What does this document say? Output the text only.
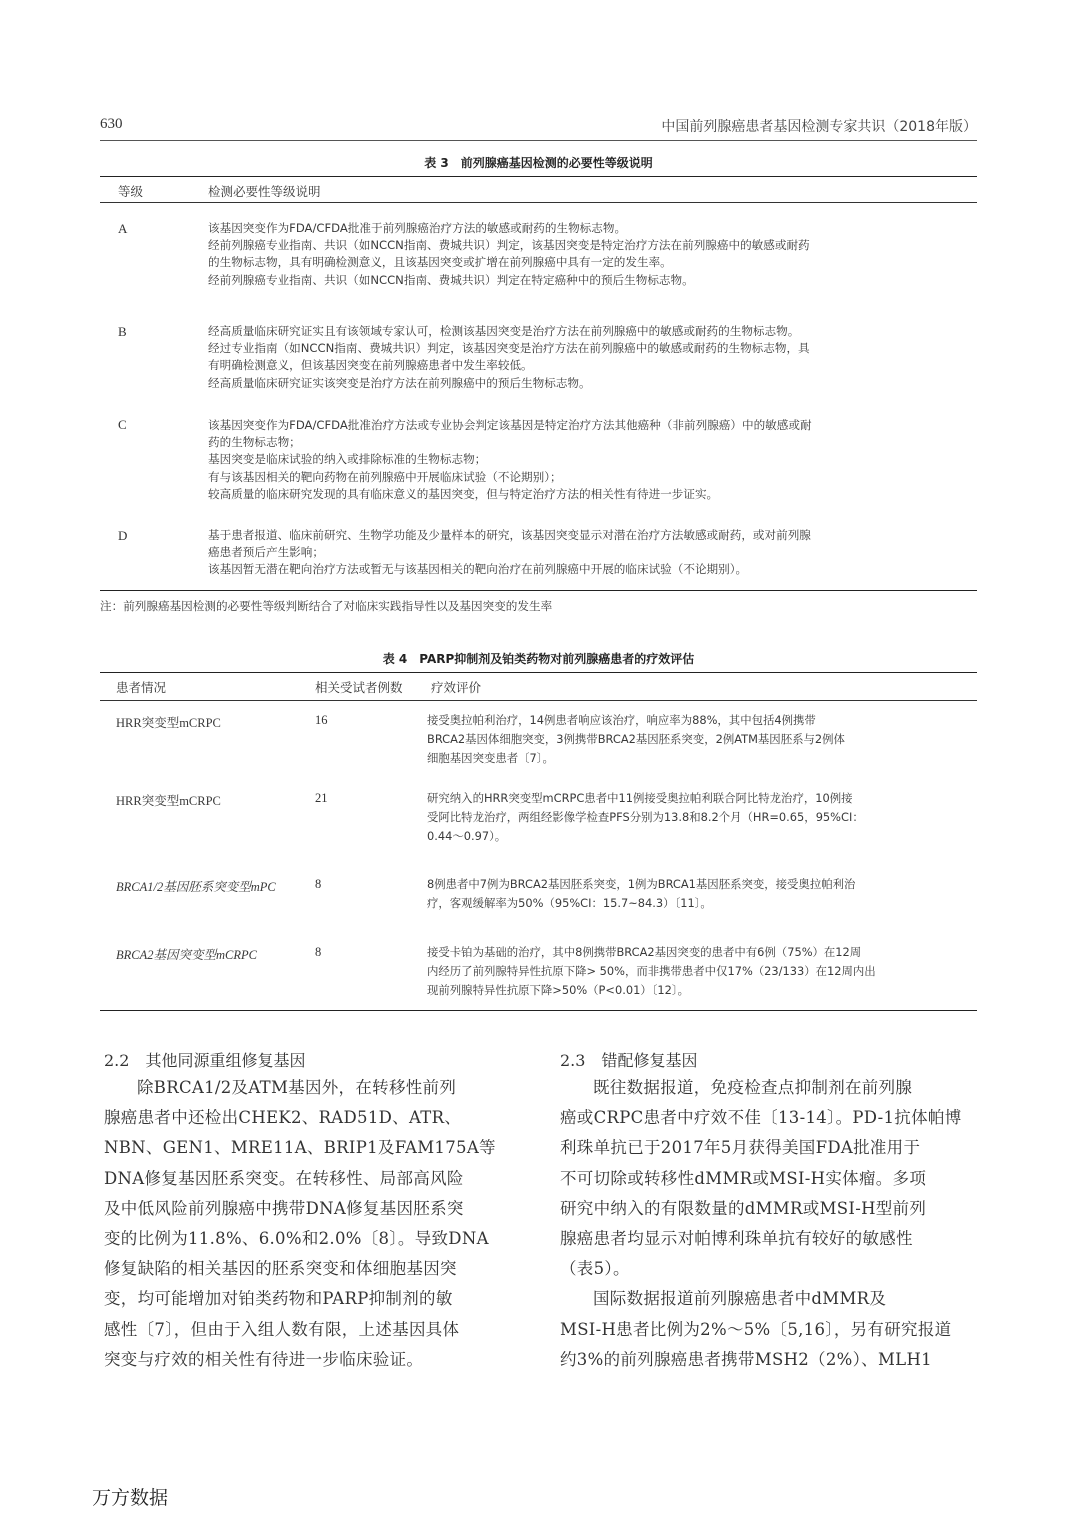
630	中国前列腺癌患者基因检测专家共识（2018年版）
表 3　前列腺癌基因检测的必要性等级说明
等级	检测必要性等级说明
A	该基因突变作为FDA/CFDA批准于前列腺癌治疗方法的敏感或耐药的生物标志物。
经前列腺癌专业指南、共识（如NCCN指南、费城共识）判定，该基因突变是特定治疗方法在前列腺癌中的敏感或耐药
的生物标志物，具有明确检测意义，且该基因突变或扩增在前列腺癌中具有一定的发生率。
经前列腺癌专业指南、共识（如NCCN指南、费城共识）判定在特定癌种中的预后生物标志物。
B	经高质量临床研究证实且有该领域专家认可，检测该基因突变是治疗方法在前列腺癌中的敏感或耐药的生物标志物。
经过专业指南（如NCCN指南、费城共识）判定，该基因突变是治疗方法在前列腺癌中的敏感或耐药的生物标志物，具
有明确检测意义，但该基因突变在前列腺癌患者中发生率较低。
经高质量临床研究证实该突变是治疗方法在前列腺癌中的预后生物标志物。
C	该基因突变作为FDA/CFDA批准治疗方法或专业协会判定该基因是特定治疗方法其他癌种（非前列腺癌）中的敏感或耐
药的生物标志物；
基因突变是临床试验的纳入或排除标准的生物标志物；
有与该基因相关的靶向药物在前列腺癌中开展临床试验（不论期别）；
较高质量的临床研究发现的具有临床意义的基因突变，但与特定治疗方法的相关性有待进一步证实。
D	基于患者报道、临床前研究、生物学功能及少量样本的研究，该基因突变显示对潜在治疗方法敏感或耐药，或对前列腺
癌患者预后产生影响；
该基因暂无潜在靶向治疗方法或暂无与该基因相关的靶向治疗在前列腺癌中开展的临床试验（不论期别）。
注：前列腺癌基因检测的必要性等级判断结合了对临床实践指导性以及基因突变的发生率
表 4　PARP抑制剂及铂类药物对前列腺癌患者的疗效评估
患者情况	相关受试者例数 疗效评价
HRR突变型mCRPC	16	接受奥拉帕利治疗，14例患者响应该治疗，响应率为88%，其中包括4例携带
BRCA2基因体细胞突变，3例携带BRCA2基因胚系突变，2例ATM基因胚系与2例体
细胞基因突变患者〔7〕。
HRR突变型mCRPC	21	研究纳入的HRR突变型mCRPC患者中11例接受奥拉帕利联合阿比特龙治疗，10例接
受阿比特龙治疗，两组经影像学检查PFS分别为13.8和8.2个月（HR=0.65，95%CI：
0.44～0.97）。
BRCA1/2基因胚系突变型mPC	8	8例患者中7例为BRCA2基因胚系突变，1例为BRCA1基因胚系突变，接受奥拉帕利治
疗，客观缓解率为50%（95%CI：15.7~84.3）〔11〕。
BRCA2基因突变型mCRPC	8	接受卡铂为基础的治疗，其中8例携带BRCA2基因突变的患者中有6例（75%）在12周
内经历了前列腺特异性抗原下降> 50%，而非携带患者中仅17%（23/133）在12周内出
现前列腺特异性抗原下降>50%（P<0.01）〔12〕。
2.2　其他同源重组修复基因
除BRCA1/2及ATM基因外，在转移性前列
腺癌患者中还检出CHEK2、RAD51D、ATR、
NBN、GEN1、MRE11A、BRIP1及FAM175A等
DNA修复基因胚系突变。在转移性、局部高风险
及中低风险前列腺癌中携带DNA修复基因胚系突
变的比例为11.8%、6.0%和2.0%〔8〕。导致DNA
修复缺陷的相关基因的胚系突变和体细胞基因突
变，均可能增加对铂类药物和PARP抑制剂的敏
感性〔7〕，但由于入组人数有限，上述基因具体
突变与疗效的相关性有待进一步临床验证。
2.3　错配修复基因
既往数据报道，免疫检查点抑制剂在前列腺
癌或CRPC患者中疗效不佳〔13-14〕。PD-1抗体帕博
利珠单抗已于2017年5月获得美国FDA批准用于
不可切除或转移性dMMR或MSI-H实体瘤。多项
研究中纳入的有限数量的dMMR或MSI-H型前列
腺癌患者均显示对帕博利珠单抗有较好的敏感性
（表5）。
国际数据报道前列腺癌患者中dMMR及
MSI-H患者比例为2%～5%〔5,16〕，另有研究报道
约3%的前列腺癌患者携带MSH2（2%）、MLH1
万方数据
